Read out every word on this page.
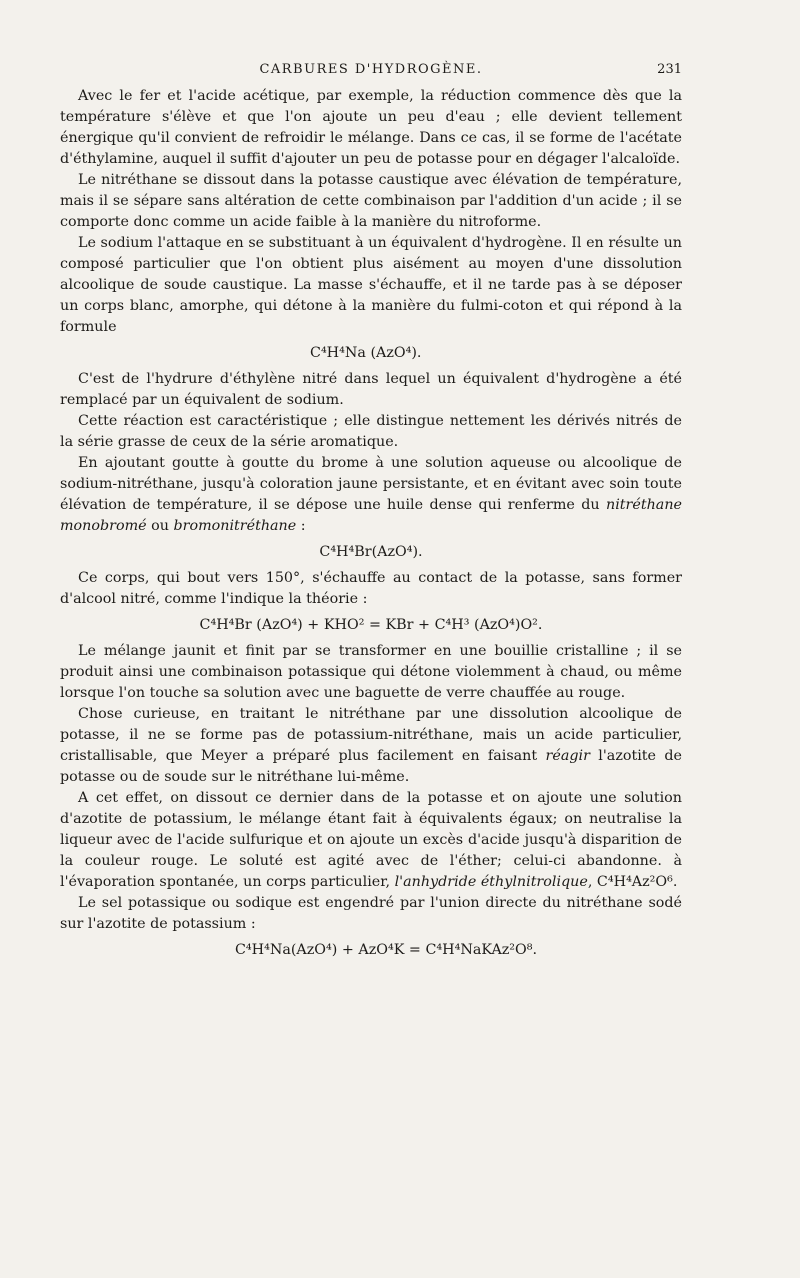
CARBURES D'HYDROGÈNE.	231

Avec le fer et l'acide acétique, par exemple, la réduction commence dès que la température s'élève et que l'on ajoute un peu d'eau ; elle devient tellement énergique qu'il convient de refroidir le mélange. Dans ce cas, il se forme de l'acétate d'éthylamine, auquel il suffit d'ajouter un peu de potasse pour en dégager l'alcaloïde.

Le nitréthane se dissout dans la potasse caustique avec élévation de température, mais il se sépare sans altération de cette combinaison par l'addition d'un acide ; il se comporte donc comme un acide faible à la manière du nitroforme.

Le sodium l'attaque en se substituant à un équivalent d'hydrogène. Il en résulte un composé particulier que l'on obtient plus aisément au moyen d'une dissolution alcoolique de soude caustique. La masse s'échauffe, et il ne tarde pas à se déposer un corps blanc, amorphe, qui détone à la manière du fulmi-coton et qui répond à la formule

C⁴H⁴Na (AzO⁴).

C'est de l'hydrure d'éthylène nitré dans lequel un équivalent d'hydrogène a été remplacé par un équivalent de sodium.

Cette réaction est caractéristique ; elle distingue nettement les dérivés nitrés de la série grasse de ceux de la série aromatique.

En ajoutant goutte à goutte du brome à une solution aqueuse ou alcoolique de sodium-nitréthane, jusqu'à coloration jaune persistante, et en évitant avec soin toute élévation de température, il se dépose une huile dense qui renferme du nitréthane monobromé ou bromonitréthane :

C⁴H⁴Br(AzO⁴).

Ce corps, qui bout vers 150°, s'échauffe au contact de la potasse, sans former d'alcool nitré, comme l'indique la théorie :

C⁴H⁴Br (AzO⁴) + KHO² = KBr + C⁴H³ (AzO⁴)O².

Le mélange jaunit et finit par se transformer en une bouillie cristalline ; il se produit ainsi une combinaison potassique qui détone violemment à chaud, ou même lorsque l'on touche sa solution avec une baguette de verre chauffée au rouge.

Chose curieuse, en traitant le nitréthane par une dissolution alcoolique de potasse, il ne se forme pas de potassium-nitréthane, mais un acide particulier, cristallisable, que Meyer a préparé plus facilement en faisant réagir l'azotite de potasse ou de soude sur le nitréthane lui-même.

A cet effet, on dissout ce dernier dans de la potasse et on ajoute une solution d'azotite de potassium, le mélange étant fait à équivalents égaux; on neutralise la liqueur avec de l'acide sulfurique et on ajoute un excès d'acide jusqu'à disparition de la couleur rouge. Le soluté est agité avec de l'éther; celui-ci abandonne. à l'évaporation spontanée, un corps particulier, l'anhydride éthylnitrolique, C⁴H⁴Az²O⁶.

Le sel potassique ou sodique est engendré par l'union directe du nitréthane sodé sur l'azotite de potassium :

C⁴H⁴Na(AzO⁴) + AzO⁴K = C⁴H⁴NaKAz²O⁸.
